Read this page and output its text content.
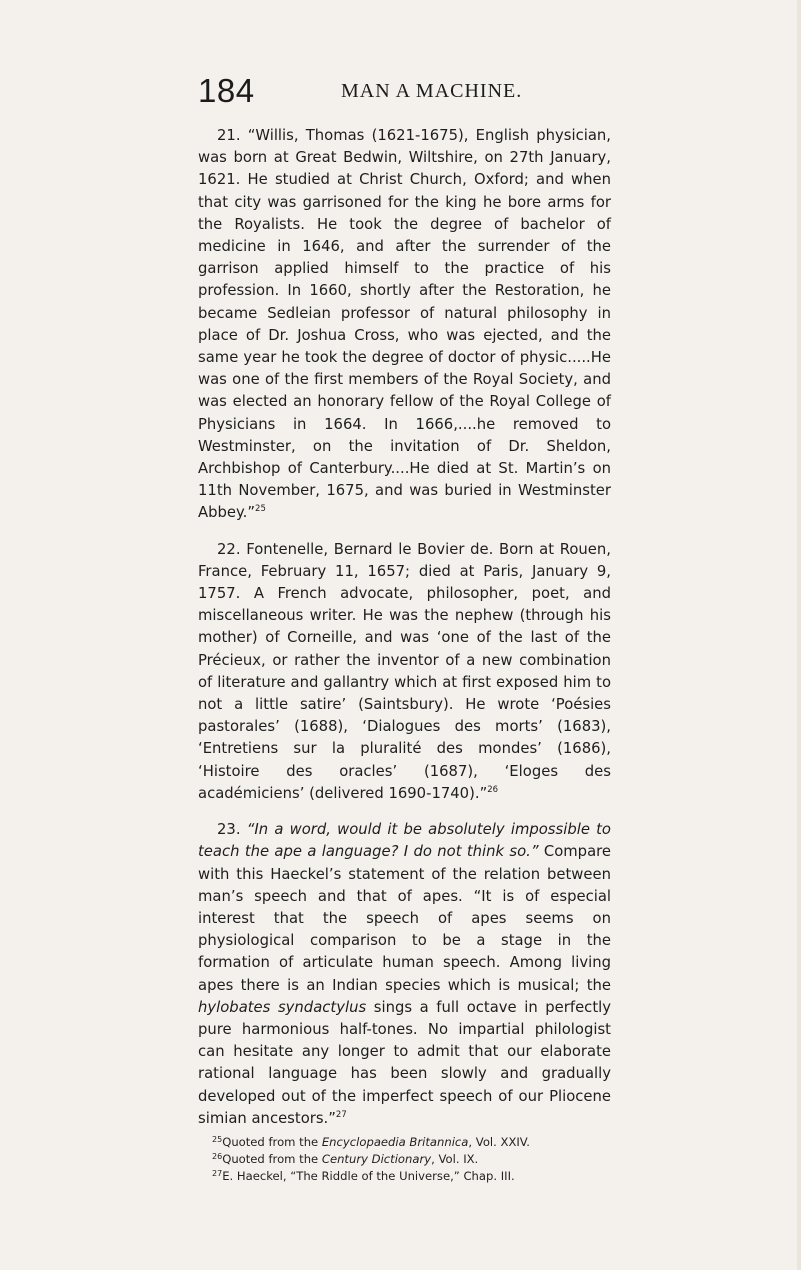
184	MAN A MACHINE.

21. “Willis, Thomas (1621-1675), English physician, was born at Great Bedwin, Wiltshire, on 27th January, 1621. He studied at Christ Church, Oxford; and when that city was garrisoned for the king he bore arms for the Royalists. He took the degree of bachelor of medicine in 1646, and after the surrender of the garrison applied himself to the practice of his profession. In 1660, shortly after the Restoration, he became Sedleian professor of natural philosophy in place of Dr. Joshua Cross, who was ejected, and the same year he took the degree of doctor of physic.....He was one of the first members of the Royal Society, and was elected an honorary fellow of the Royal College of Physicians in 1664. In 1666,....he removed to Westminster, on the invitation of Dr. Sheldon, Archbishop of Canterbury....He died at St. Martin’s on 11th November, 1675, and was buried in Westminster Abbey.”$^{25}$

22. Fontenelle, Bernard le Bovier de. Born at Rouen, France, February 11, 1657; died at Paris, January 9, 1757. A French advocate, philosopher, poet, and miscellaneous writer. He was the nephew (through his mother) of Corneille, and was ‘one of the last of the Précieux, or rather the inventor of a new combination of literature and gallantry which at first exposed him to not a little satire’ (Saintsbury). He wrote ‘Poésies pastorales’ (1688), ‘Dialogues des morts’ (1683), ‘Entretiens sur la pluralité des mondes’ (1686), ‘Histoire des oracles’ (1687), ‘Eloges des académiciens’ (delivered 1690-1740).”$^{26}$

23. “In a word, would it be absolutely impossible to teach the ape a language? I do not think so.” Compare with this Haeckel’s statement of the relation between man’s speech and that of apes. “It is of especial interest that the speech of apes seems on physiological comparison to be a stage in the formation of articulate human speech. Among living apes there is an Indian species which is musical; the hylobates syndactylus sings a full octave in perfectly pure harmonious half-tones. No impartial philologist can hesitate any longer to admit that our elaborate rational language has been slowly and gradually developed out of the imperfect speech of our Pliocene simian ancestors.”$^{27}$

$^{25}$Quoted from the Encyclopaedia Britannica, Vol. XXIV.
$^{26}$Quoted from the Century Dictionary, Vol. IX.
$^{27}$E. Haeckel, “The Riddle of the Universe,” Chap. III.
